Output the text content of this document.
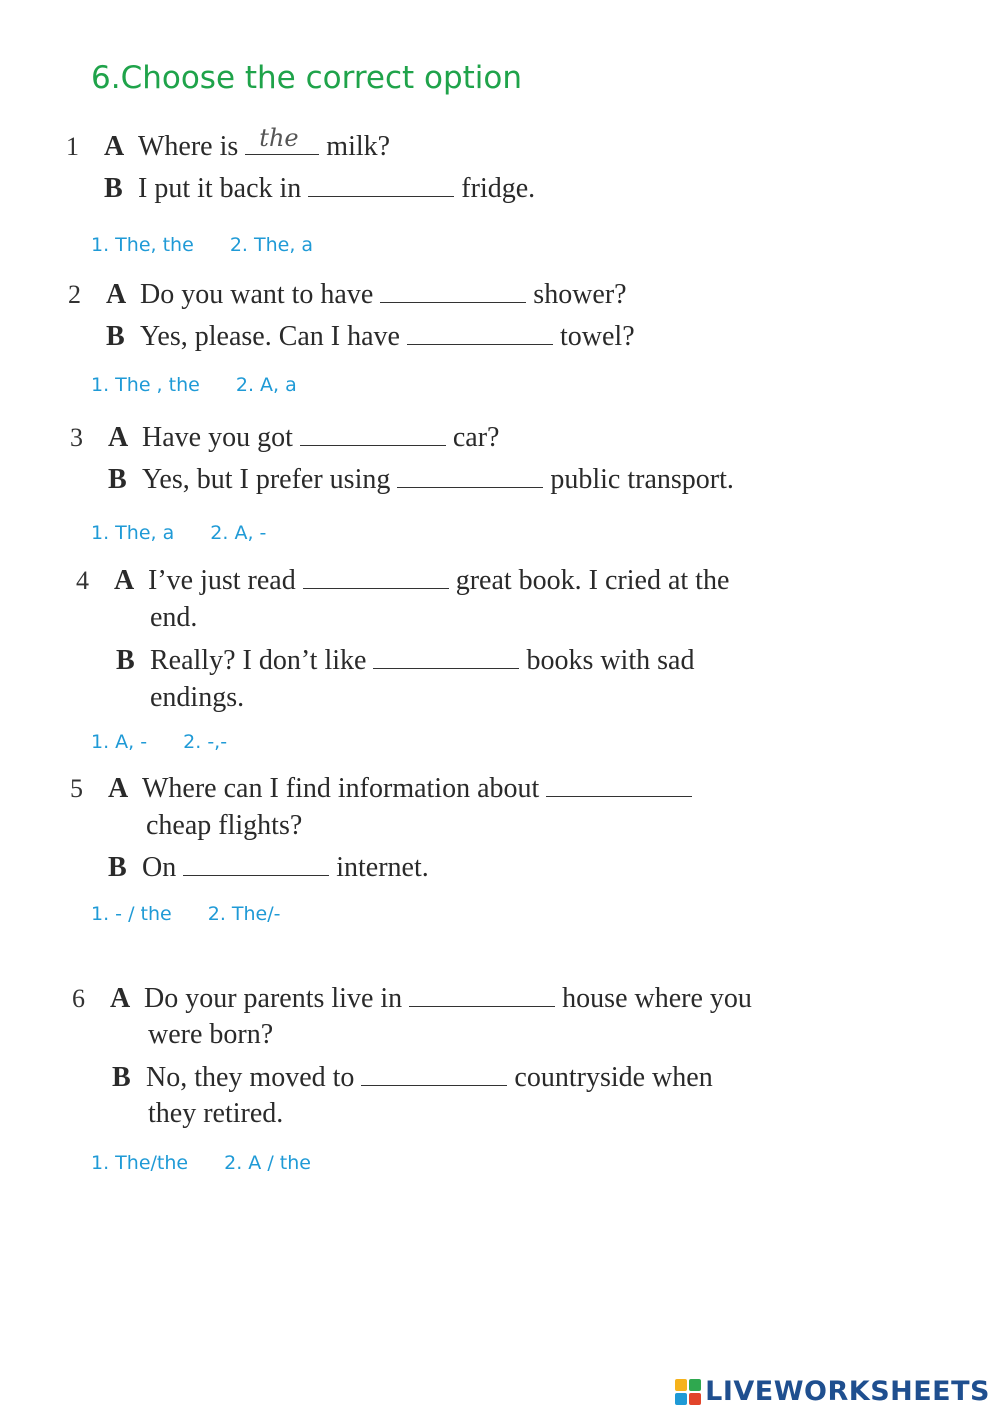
6.Choose the correct option
1 A Where is the milk?
B I put it back in	fridge.
1. The, the 2. The, a
2 A Do you want to have	shower?
B Yes, please. Can I have	towel?
1. The , the 2. A, a
3 A Have you got	car?
B Yes, but I prefer using	public transport.
1. The, a 2. A, -
4 A I’ve just read	great book. I cried at the
end.
B Really? I don’t like	books with sad
endings.
1. A, - 2. -,-
5 A Where can I find information about
cheap flights?
B On	internet.
1. - / the 2. The/-
6 A Do your parents live in	house where you
were born?
B No, they moved to	countryside when
they retired.
1. The/the 2. A / the
LIVEWORKSHEETS
